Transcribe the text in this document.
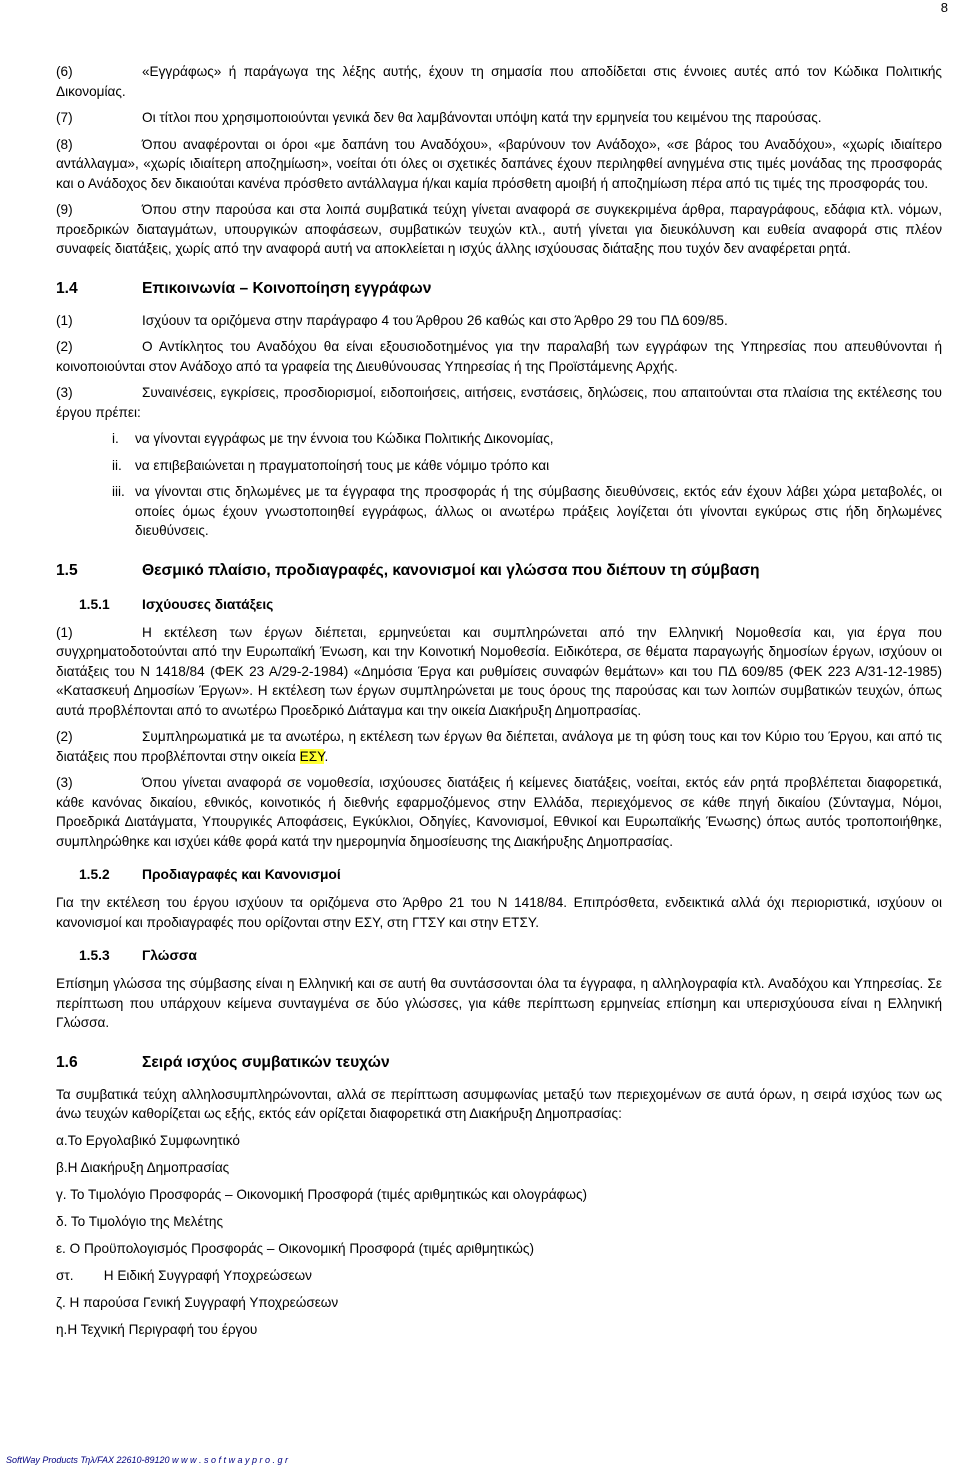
8

(6)	«Εγγράφως» ή παράγωγα της λέξης αυτής, έχουν τη σημασία που αποδίδεται στις έννοιες αυτές από τον Κώδικα Πολιτικής Δικονομίας.

(7)	Οι τίτλοι που χρησιμοποιούνται γενικά δεν θα λαμβάνονται υπόψη κατά την ερμηνεία του κειμένου της παρούσας.

(8)	Όπου αναφέρονται οι όροι «με δαπάνη του Αναδόχου», «βαρύνουν τον Ανάδοχο», «σε βάρος του Αναδόχου», «χωρίς ιδιαίτερο αντάλλαγμα», «χωρίς ιδιαίτερη αποζημίωση», νοείται ότι όλες οι σχετικές δαπάνες έχουν περιληφθεί ανηγμένα στις τιμές μονάδας της προσφοράς και ο Ανάδοχος δεν δικαιούται κανένα πρόσθετο αντάλλαγμα ή/και καμία πρόσθετη αμοιβή ή αποζημίωση πέρα από τις τιμές της προσφοράς του.

(9)	Όπου στην παρούσα και στα λοιπά συμβατικά τεύχη γίνεται αναφορά σε συγκεκριμένα άρθρα, παραγράφους, εδάφια κτλ. νόμων, προεδρικών διαταγμάτων, υπουργικών αποφάσεων, συμβατικών τευχών κτλ., αυτή γίνεται για διευκόλυνση και ευθεία αναφορά στις πλέον συναφείς διατάξεις, χωρίς από την αναφορά αυτή να αποκλείεται η ισχύς άλλης ισχύουσας διάταξης που τυχόν δεν αναφέρεται ρητά.

1.4	Επικοινωνία – Κοινοποίηση εγγράφων

(1)	Ισχύουν τα οριζόμενα στην παράγραφο 4 του Άρθρου 26 καθώς και στο Άρθρο 29 του ΠΔ 609/85.

(2)	Ο Αντίκλητος του Αναδόχου θα είναι εξουσιοδοτημένος για την παραλαβή των εγγράφων της Υπηρεσίας που απευθύνονται ή κοινοποιούνται στον Ανάδοχο από τα γραφεία της Διευθύνουσας Υπηρεσίας ή της Προϊστάμενης Αρχής.

(3)	Συναινέσεις, εγκρίσεις, προσδιορισμοί, ειδοποιήσεις, αιτήσεις, ενστάσεις, δηλώσεις, που απαιτούνται στα πλαίσια της εκτέλεσης του έργου πρέπει:

i.	να γίνονται εγγράφως με την έννοια του Κώδικα Πολιτικής Δικονομίας,
ii. να επιβεβαιώνεται η πραγματοποίησή τους με κάθε νόμιμο τρόπο και
iii. να γίνονται στις δηλωμένες με τα έγγραφα της προσφοράς ή της σύμβασης διευθύνσεις, εκτός εάν έχουν λάβει χώρα μεταβολές, οι οποίες όμως έχουν γνωστοποιηθεί εγγράφως, άλλως οι ανωτέρω πράξεις λογίζεται ότι γίνονται εγκύρως στις ήδη δηλωμένες διευθύνσεις.
1.5	Θεσμικό πλαίσιο, προδιαγραφές, κανονισμοί και γλώσσα που διέπουν τη σύμβαση
1.5.1 Ισχύουσες διατάξεις

(1)	Η εκτέλεση των έργων διέπεται, ερμηνεύεται και συμπληρώνεται από την Ελληνική Νομοθεσία και, για έργα που συγχρηματοδοτούνται από την Ευρωπαϊκή Ένωση, και την Κοινοτική Νομοθεσία. Ειδικότερα, σε θέματα παραγωγής δημοσίων έργων, ισχύουν οι διατάξεις του Ν 1418/84 (ΦΕΚ 23 Α/29-2-1984) «Δημόσια Έργα και ρυθμίσεις συναφών θεμάτων» και του ΠΔ 609/85 (ΦΕΚ 223 Α/31-12-1985) «Κατασκευή Δημοσίων Έργων». Η εκτέλεση των έργων συμπληρώνεται με τους όρους της παρούσας και των λοιπών συμβατικών τευχών, όπως αυτά προβλέπονται από το ανωτέρω Προεδρικό Διάταγμα και την οικεία Διακήρυξη Δημοπρασίας.

(2)	Συμπληρωματικά με τα ανωτέρω, η εκτέλεση των έργων θα διέπεται, ανάλογα με τη φύση τους και τον Κύριο του Έργου, και από τις διατάξεις που προβλέπονται στην οικεία ΕΣΥ.

(3)	Όπου γίνεται αναφορά σε νομοθεσία, ισχύουσες διατάξεις ή κείμενες διατάξεις, νοείται, εκτός εάν ρητά προβλέπεται διαφορετικά, κάθε κανόνας δικαίου, εθνικός, κοινοτικός ή διεθνής εφαρμοζόμενος στην Ελλάδα, περιεχόμενος σε κάθε πηγή δικαίου (Σύνταγμα, Νόμοι, Προεδρικά Διατάγματα, Υπουργικές Αποφάσεις, Εγκύκλιοι, Οδηγίες, Κανονισμοί, Εθνικοί και Ευρωπαϊκής Ένωσης) όπως αυτός τροποποιήθηκε, συμπληρώθηκε και ισχύει κάθε φορά κατά την ημερομηνία δημοσίευσης της Διακήρυξης Δημοπρασίας.

1.5.2 Προδιαγραφές και Κανονισμοί

Για την εκτέλεση του έργου ισχύουν τα οριζόμενα στο Άρθρο 21 του Ν 1418/84. Επιπρόσθετα, ενδεικτικά αλλά όχι περιοριστικά, ισχύουν οι κανονισμοί και προδιαγραφές που ορίζονται στην ΕΣΥ, στη ΓΤΣΥ και στην ΕΤΣΥ.

1.5.3 Γλώσσα

Επίσημη γλώσσα της σύμβασης είναι η Ελληνική και σε αυτή θα συντάσσονται όλα τα έγγραφα, η αλληλογραφία κτλ. Αναδόχου και Υπηρεσίας. Σε περίπτωση που υπάρχουν κείμενα συνταγμένα σε δύο γλώσσες, για κάθε περίπτωση ερμηνείας επίσημη και υπερισχύουσα είναι η Ελληνική Γλώσσα.

1.6	Σειρά ισχύος συμβατικών τευχών

Τα συμβατικά τεύχη αλληλοσυμπληρώνονται, αλλά σε περίπτωση ασυμφωνίας μεταξύ των περιεχομένων σε αυτά όρων, η σειρά ισχύος των ως άνω τευχών καθορίζεται ως εξής, εκτός εάν ορίζεται διαφορετικά στη Διακήρυξη Δημοπρασίας:

α.Το Εργολαβικό Συμφωνητικό
β.Η Διακήρυξη Δημοπρασίας
γ. Το Τιμολόγιο Προσφοράς – Οικονομική Προσφορά (τιμές αριθμητικώς και ολογράφως)
δ. Το Τιμολόγιο της Μελέτης
ε. Ο Προϋπολογισμός Προσφοράς – Οικονομική Προσφορά (τιμές αριθμητικώς)
στ.        Η Ειδική Συγγραφή Υποχρεώσεων
ζ. Η παρούσα Γενική Συγγραφή Υποχρεώσεων
η.Η Τεχνική Περιγραφή του έργου
SoftWay Products Τηλ/FAX 22610-89120 w w w . s o f t w a y p r o . g r
